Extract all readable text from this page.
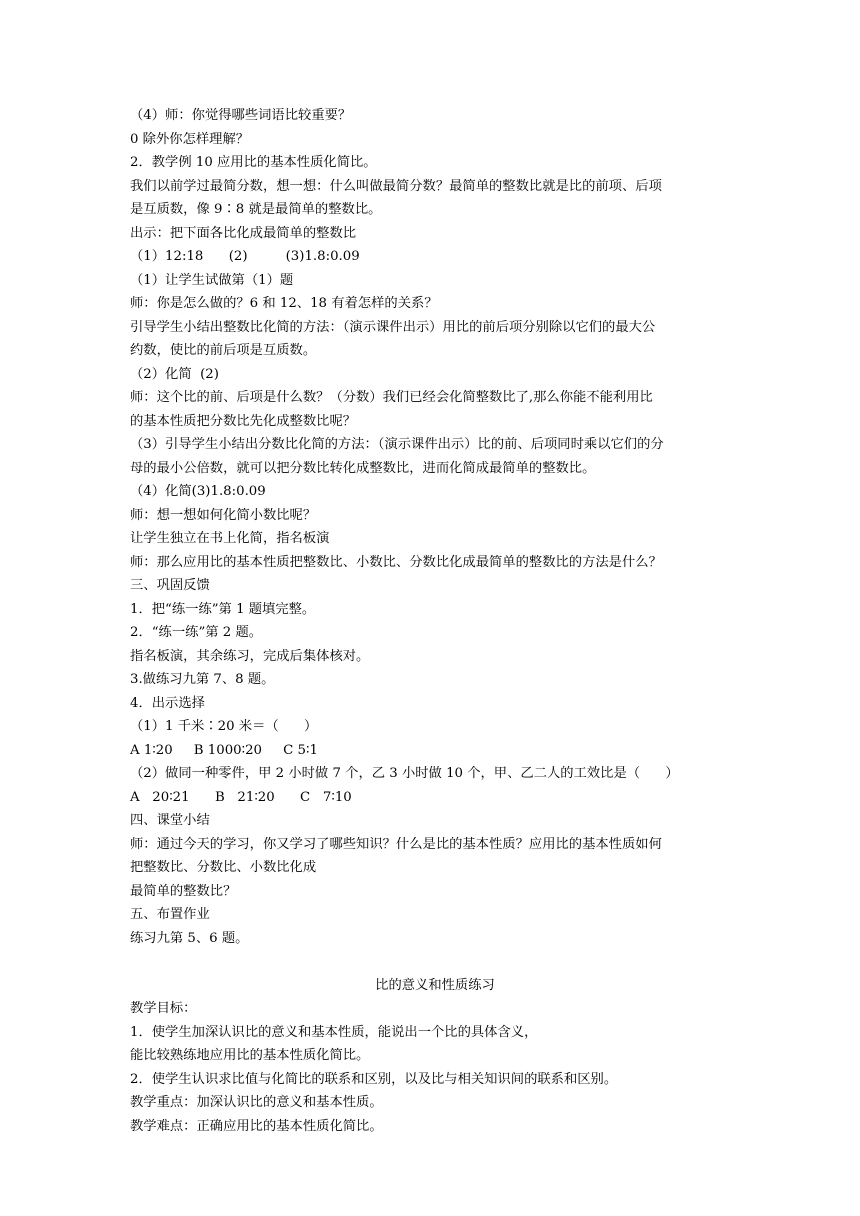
（4）师：你觉得哪些词语比较重要？
0 除外你怎样理解？
2．教学例 10 应用比的基本性质化简比。
我们以前学过最简分数，想一想：什么叫做最简分数？最简单的整数比就是比的前项、后项
是互质数，像 9∶8 就是最简单的整数比。
出示：把下面各比化成最简单的整数比
（1）12:18      (2)         (3)1.8:0.09
（1）让学生试做第（1）题
师：你是怎么做的？6 和 12、18 有着怎样的关系？
引导学生小结出整数比化简的方法：（演示课件出示）用比的前后项分别除以它们的最大公
约数，使比的前后项是互质数。
（2）化简  (2)
师：这个比的前、后项是什么数？（分数）我们已经会化简整数比了,那么你能不能利用比
的基本性质把分数比先化成整数比呢？
（3）引导学生小结出分数比化简的方法：（演示课件出示）比的前、后项同时乘以它们的分
母的最小公倍数，就可以把分数比转化成整数比，进而化简成最简单的整数比。
（4）化简(3)1.8:0.09
师：想一想如何化简小数比呢？
让学生独立在书上化简，指名板演
师：那么应用比的基本性质把整数比、小数比、分数比化成最简单的整数比的方法是什么？
三、巩固反馈
1．把“练一练”第 1 题填完整。
2．“练一练”第 2 题。
指名板演，其余练习，完成后集体核对。
3.做练习九第 7、8 题。
4．出示选择
（1）1 千米∶20 米＝（      ）
A 1∶20     B 1000∶20     C 5∶1
（2）做同一种零件，甲 2 小时做 7 个，乙 3 小时做 10 个，甲、乙二人的工效比是（      ）
A   20∶21      B   21∶20      C   7∶10
四、课堂小结
师：通过今天的学习，你又学习了哪些知识？什么是比的基本性质？应用比的基本性质如何
把整数比、分数比、小数比化成
最简单的整数比？
五、布置作业
练习九第 5、6 题。
比的意义和性质练习
教学目标：
1．使学生加深认识比的意义和基本性质，能说出一个比的具体含义，
能比较熟练地应用比的基本性质化简比。
2．使学生认识求比值与化简比的联系和区别，以及比与相关知识间的联系和区别。
教学重点：加深认识比的意义和基本性质。
教学难点：正确应用比的基本性质化简比。
